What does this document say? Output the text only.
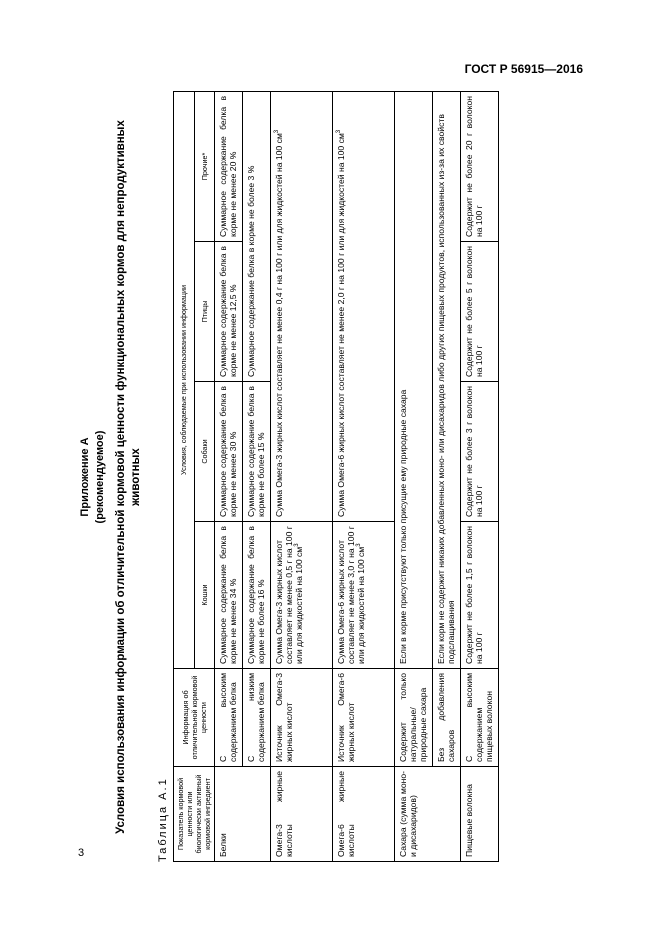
ГОСТ Р 56915—2016
Приложение А (рекомендуемое) Условия использования информации об отличительной кормовой ценности функциональных кормов для непродуктивных животных
Таблица А.1 Показатель кормовой ценности или биологически активный кормовой ингредиент	Информация об отличительной кормовой ценности	Условия, соблюдаемые при использовании информации			
		Кошки	Собаки	Птицы	Прочие*
Белки	С высоким содержанием белка	Суммарное содержание белка в корме не менее 34 %	Суммарное содержание белка в корме не менее 30 %	Суммарное содержание белка в корме не менее 12,5 %	Суммарное содержание белка в корме не менее 20 %
	С низким содержанием белка	Суммарное содержание белка в корме не более 16 %	Суммарное содержание белка в корме не более 15 %	Суммарное содержание белка в корме не более 3 %	
Омега-3 жирные кислоты	Источник Омега-3 жирных кислот	Сумма Омега-3 жирных кислот составляет не менее 0,5 г на 100 г или для жидкостей на 100 $см^3$	Сумма Омега-3 жирных кислот составляет не менее 0,4 г на 100 г или для жидкостей на 100 $см^3$
Омега-6 жирные кислоты	Источник Омега-6 жирных кислот	Сумма Омега-6 жирных кислот составляет не менее 3,0 г на 100 г или для жидкостей на 100 $см^3$	Сумма Омега-6 жирных кислот составляет не менее 2,0 г на 100 г или для жидкостей на 100 $см^3$
Сахара (сумма моно- и дисахаридов)	Содержит только натуральные/природные сахара	Если в корме присутствуют только присущие ему природные сахара			
	Без добавления сахаров	Если корм не содержит никаких добавленных моно- или дисахаридов либо других пищевых продуктов, использованных из-за их свойств подслащивания			
Пищевые волокна	С высоким содержанием пищевых волокон	Содержит не более 1,5 г волокон на 100 г	Содержит не более 3 г волокон на 100 г	Содержит не более 5 г волокон на 100 г	Содержит не более 20 г волокон на 100 г
3
